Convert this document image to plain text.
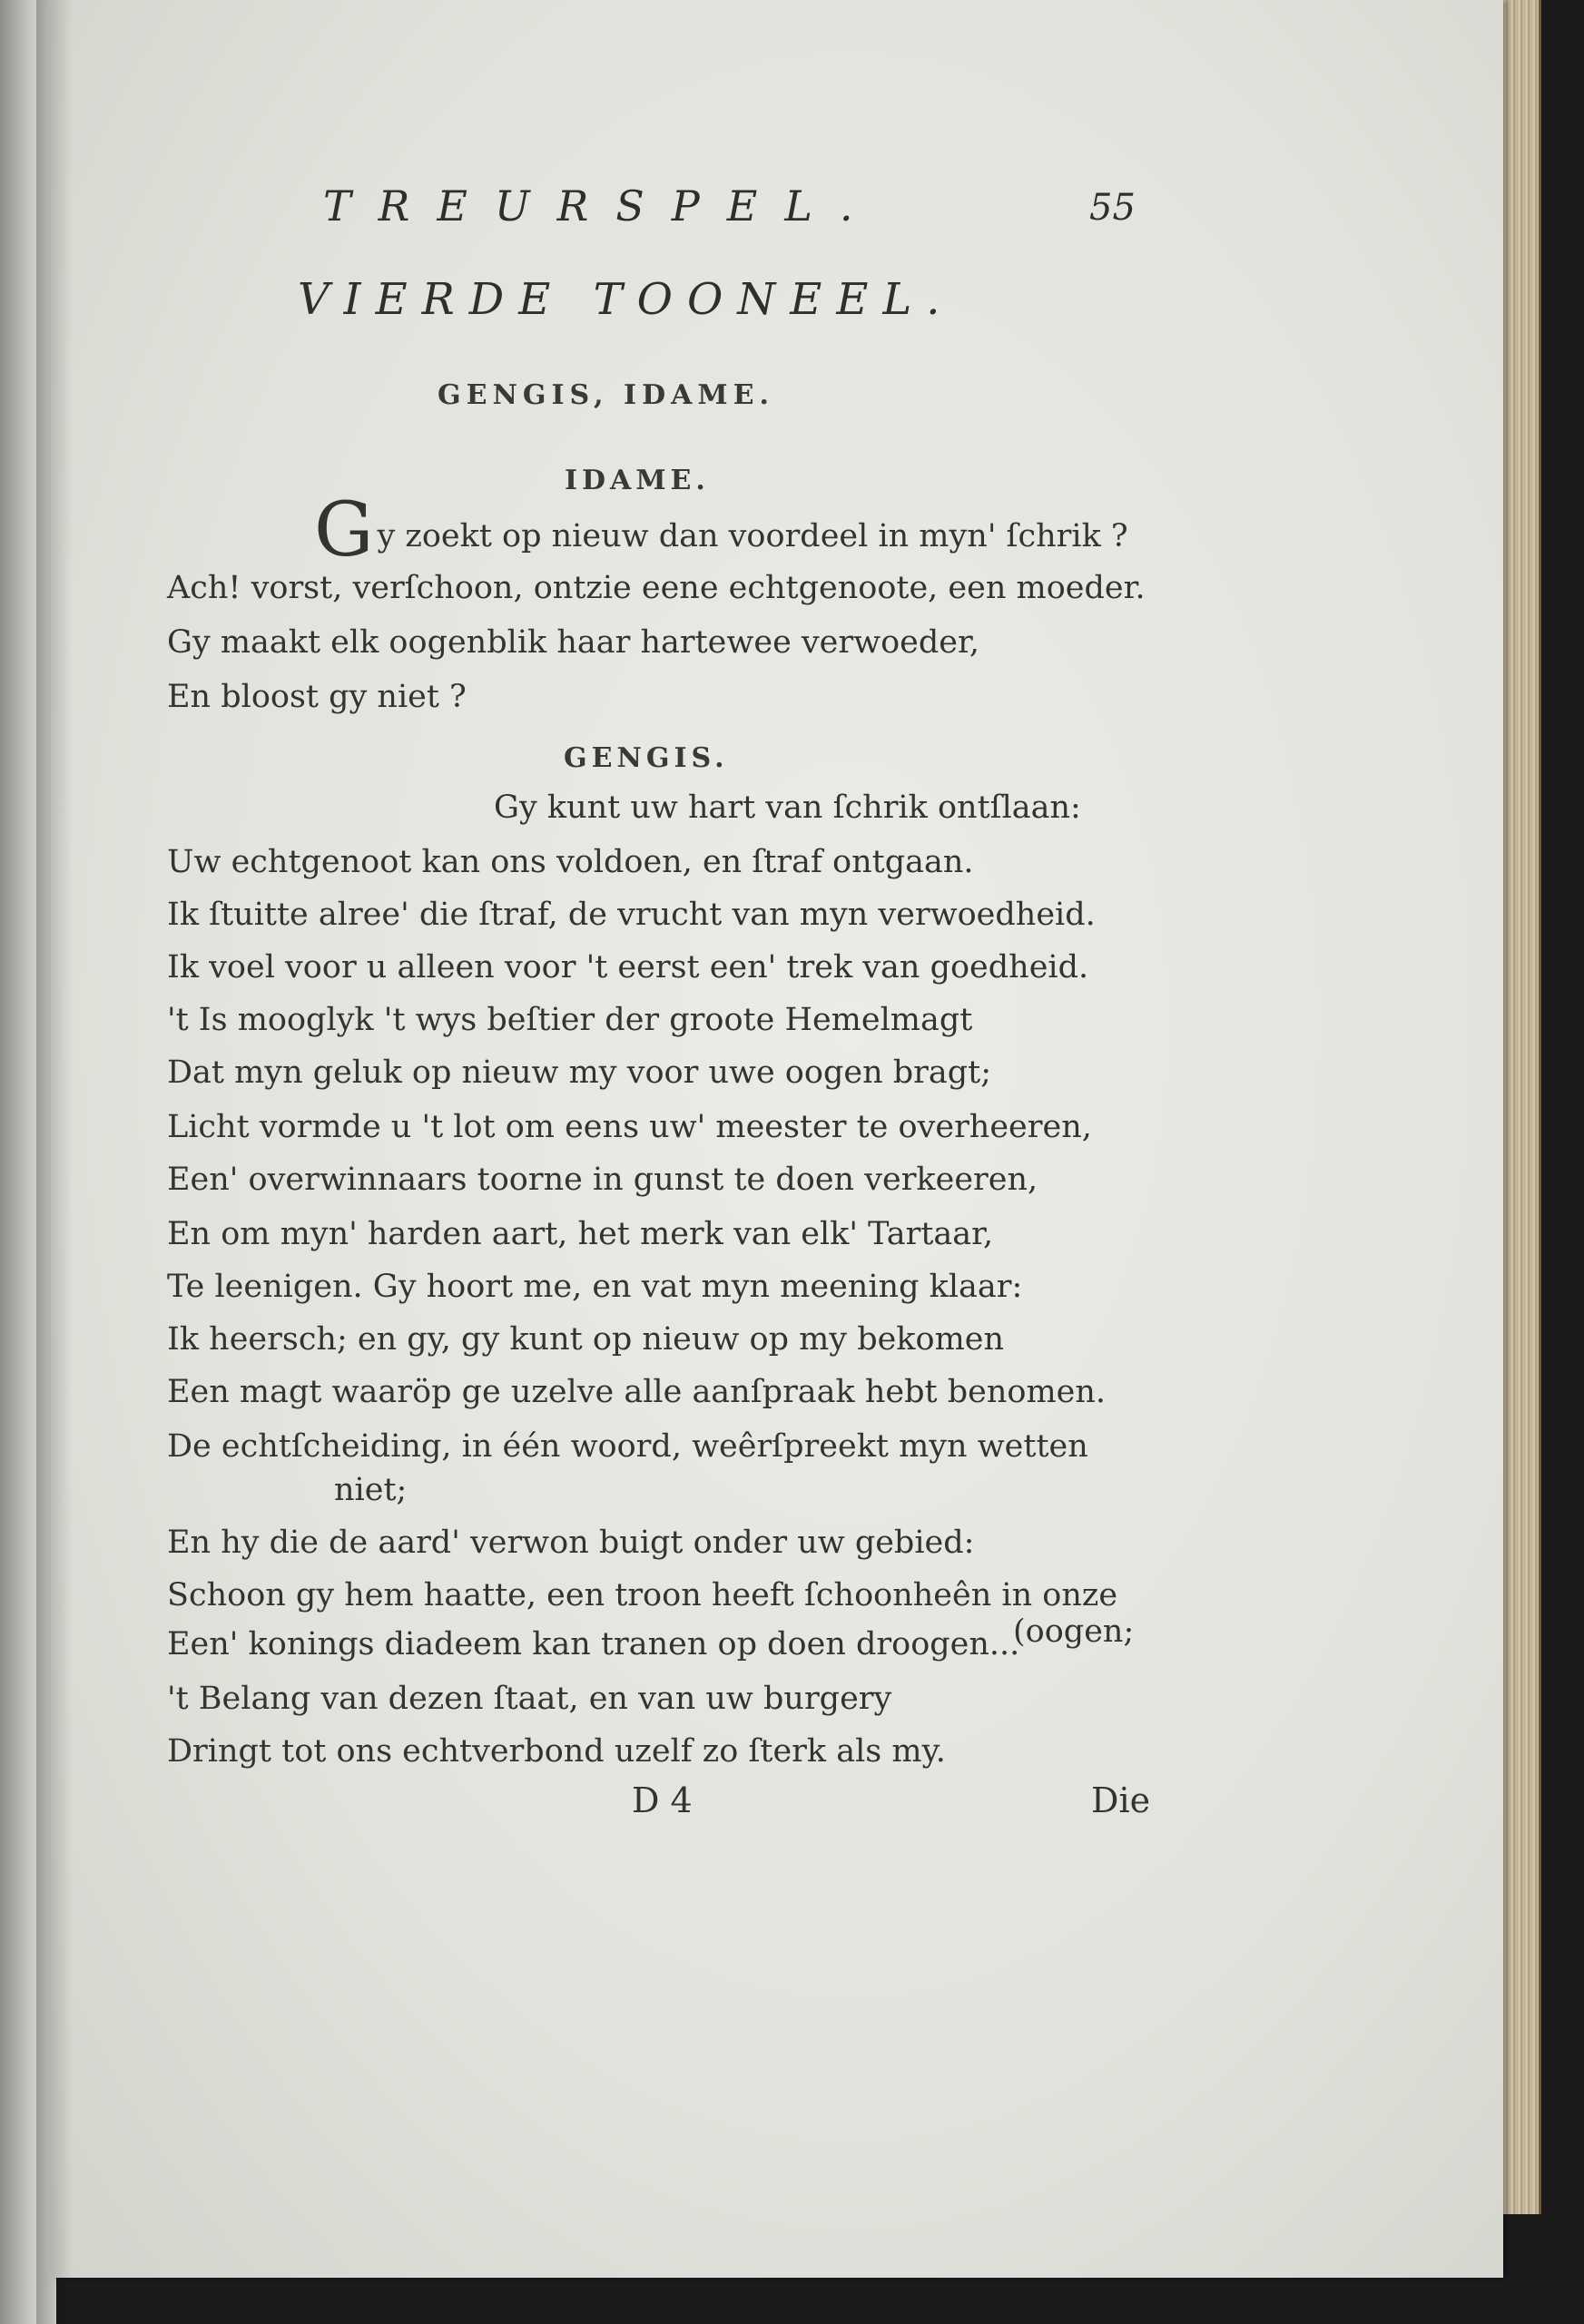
TREURSPEL.	55
VIERDE TOONEEL.
GENGIS, IDAME.
IDAME.
Gy zoekt op nieuw dan voordeel in myn' ſchrik ?
Ach! vorst, verſchoon, ontzie eene echtgenoote, een moeder.
Gy maakt elk oogenblik haar hartewee verwoeder,
En bloost gy niet ?
GENGIS.
Gy kunt uw hart van ſchrik ontſlaan:
Uw echtgenoot kan ons voldoen, en ſtraf ontgaan.
Ik ſtuitte alree' die ſtraf, de vrucht van myn verwoedheid.
Ik voel voor u alleen voor 't eerst een' trek van goedheid.
't Is mooglyk 't wys beſtier der groote Hemelmagt
Dat myn geluk op nieuw my voor uwe oogen bragt;
Licht vormde u 't lot om eens uw' meester te overheeren,
Een' overwinnaars toorne in gunst te doen verkeeren,
En om myn' harden aart, het merk van elk' Tartaar,
Te leenigen. Gy hoort me, en vat myn meening klaar:
Ik heersch; en gy, gy kunt op nieuw op my bekomen
Een magt waaröp ge uzelve alle aanſpraak hebt benomen.
De echtſcheiding, in één woord, weêrſpreekt myn wetten
niet;
En hy die de aard' verwon buigt onder uw gebied:
Schoon gy hem haatte, een troon heeft ſchoonheên in onze
Een' konings diadeem kan tranen op doen droogen...
(oogen;
't Belang van dezen ſtaat, en van uw burgery
Dringt tot ons echtverbond uzelf zo ſterk als my.
D 4	Die
